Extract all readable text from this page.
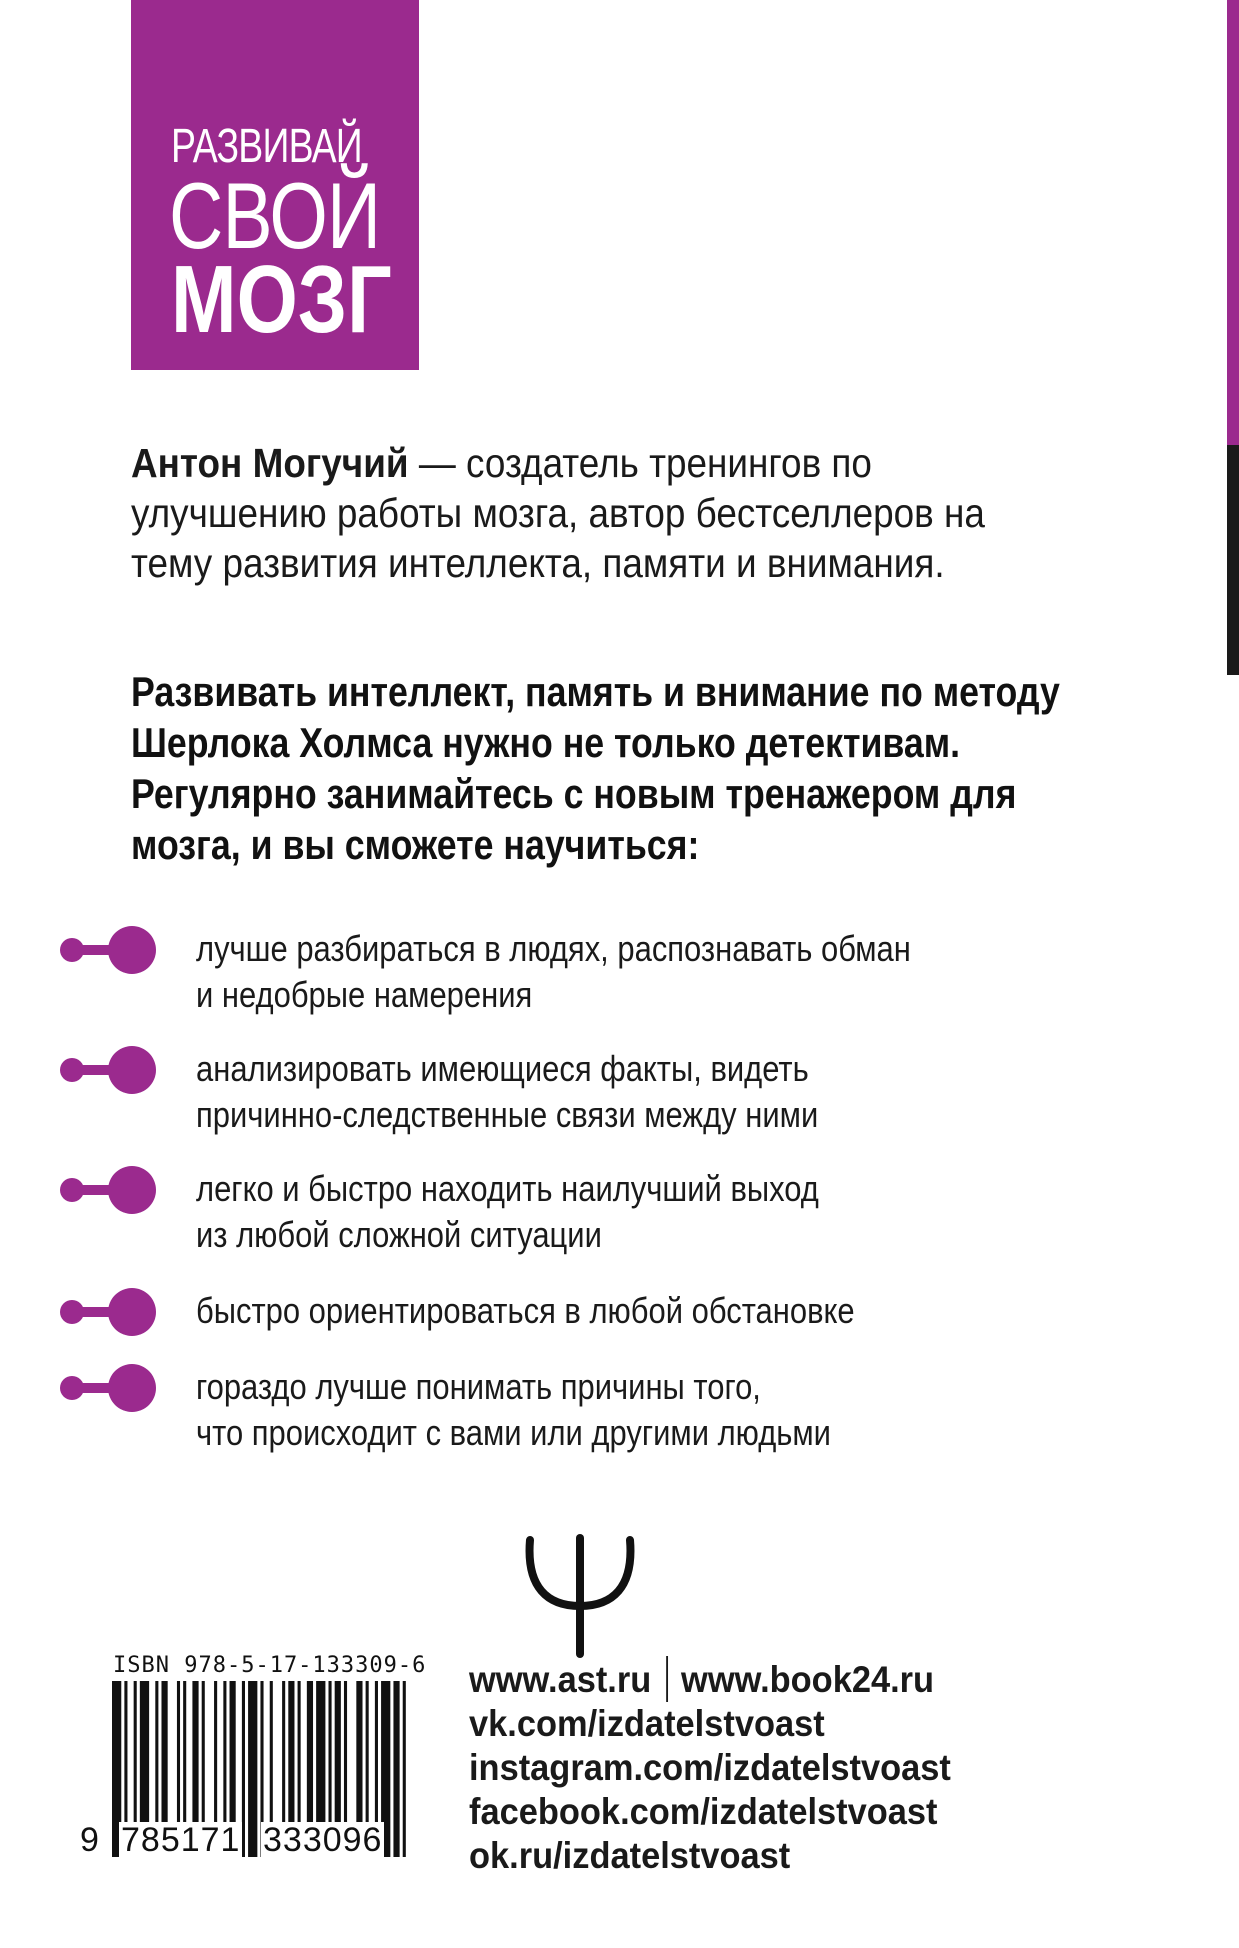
РАЗВИВАЙ
СВОЙ
МОЗГ
Антон Могучий — создатель тренингов по улучшению работы мозга, автор бестселлеров на тему развития интеллекта, памяти и внимания.
Развивать интеллект, память и внимание по методу Шерлока Холмса нужно не только детективам. Регулярно занимайтесь с новым тренажером для мозга, и вы сможете научиться:
лучше разбираться в людях, распознавать обман
и недобрые намерения
анализировать имеющиеся факты, видеть
причинно-следственные связи между ними
легко и быстро находить наилучший выход
из любой сложной ситуации
быстро ориентироваться в любой обстановке
гораздо лучше понимать причины того,
что происходит с вами или другими людьми
ISBN 978-5-17-133309-6
9 785171 333096
www.ast.ru www.book24.ru
vk.com/izdatelstvoast
instagram.com/izdatelstvoast
facebook.com/izdatelstvoast
ok.ru/izdatelstvoast
